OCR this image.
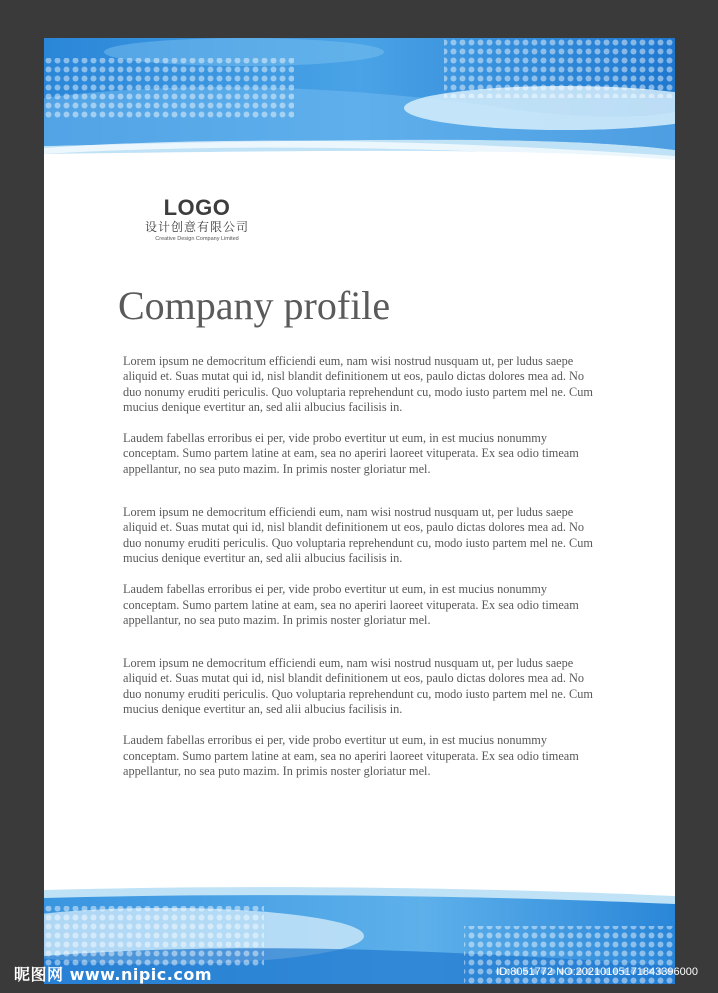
LOGO
设计创意有限公司
Creative Design Company Limited
Company profile

Lorem ipsum ne democritum efficiendi eum, nam wisi nostrud nusquam ut, per ludus saepe aliquid et. Suas mutat qui id, nisl blandit definitionem ut eos, paulo dictas dolores mea ad. No duo nonumy eruditi periculis. Quo voluptaria reprehendunt cu, modo iusto partem mel ne. Cum mucius denique evertitur an, sed alii albucius facilisis in.

Laudem fabellas erroribus ei per, vide probo evertitur ut eum, in est mucius nonummy conceptam. Sumo partem latine at eam, sea no aperiri laoreet vituperata. Ex sea odio timeam appellantur, no sea puto mazim. In primis noster gloriatur mel.

Lorem ipsum ne democritum efficiendi eum, nam wisi nostrud nusquam ut, per ludus saepe aliquid et. Suas mutat qui id, nisl blandit definitionem ut eos, paulo dictas dolores mea ad. No duo nonumy eruditi periculis. Quo voluptaria reprehendunt cu, modo iusto partem mel ne. Cum mucius denique evertitur an, sed alii albucius facilisis in.

Laudem fabellas erroribus ei per, vide probo evertitur ut eum, in est mucius nonummy conceptam. Sumo partem latine at eam, sea no aperiri laoreet vituperata. Ex sea odio timeam appellantur, no sea puto mazim. In primis noster gloriatur mel.

Lorem ipsum ne democritum efficiendi eum, nam wisi nostrud nusquam ut, per ludus saepe aliquid et. Suas mutat qui id, nisl blandit definitionem ut eos, paulo dictas dolores mea ad. No duo nonumy eruditi periculis. Quo voluptaria reprehendunt cu, modo iusto partem mel ne. Cum mucius denique evertitur an, sed alii albucius facilisis in.

Laudem fabellas erroribus ei per, vide probo evertitur ut eum, in est mucius nonummy conceptam. Sumo partem latine at eam, sea no aperiri laoreet vituperata. Ex sea odio timeam appellantur, no sea puto mazim. In primis noster gloriatur mel.

昵图网 www.nipic.com	ID:8051772 NO:20210105171843396000
